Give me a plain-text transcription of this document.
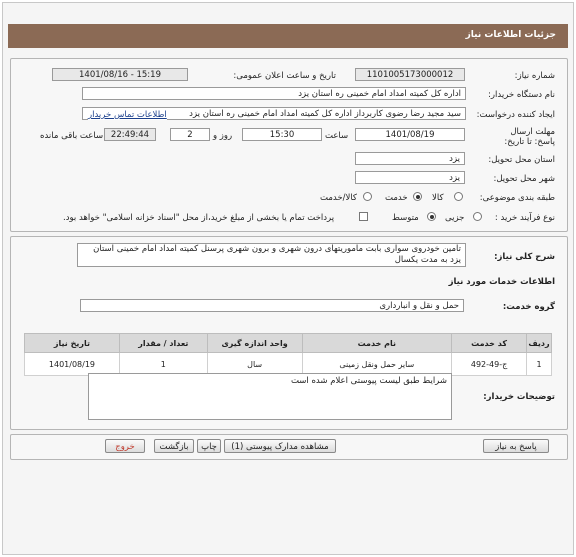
جزئیات اطلاعات نیاز
شماره نیاز:
1101005173000012
تاریخ و ساعت اعلان عمومی:
1401/08/16 - 15:19
نام دستگاه خریدار:
اداره کل کمیته امداد امام خمینی ره استان یزد
ایجاد کننده درخواست:
سید مجید رضا رضوی کاربرداز اداره کل کمیته امداد امام خمینی ره استان یزد
اطلاعات تماس خریدار
مهلت ارسال پاسخ: تا تاریخ:
1401/08/19
ساعت
15:30
روز و
2
22:49:44
ساعت باقی مانده
استان محل تحویل:
یزد
شهر محل تحویل:
یزد
طبقه بندی موضوعی:
کالا
خدمت
کالا/خدمت
نوع فرآیند خرید :
جزیی
متوسط
پرداخت تمام یا بخشی از مبلغ خرید،از محل "اسناد خزانه اسلامی" خواهد بود.
شرح کلی نیاز:
تأمین خودروی سواری بابت مأموریتهای درون شهری و برون شهری پرسنل کمیته امداد امام خمینی استان یزد به مدت یکسال
اطلاعات خدمات مورد نیاز
گروه خدمت:
حمل و نقل و انبارداری
ردیف	کد خدمت	نام خدمت	واحد اندازه گیری	تعداد / مقدار	تاریخ نیاز
1	ج-49-492	سایر حمل ونقل زمینی	سال	1	1401/08/19
توضیحات خریدار:
شرایط طبق لیست پیوستی اعلام شده است
پاسخ به نیاز
مشاهده مدارک پیوستی (1)
چاپ
بازگشت
خروج
